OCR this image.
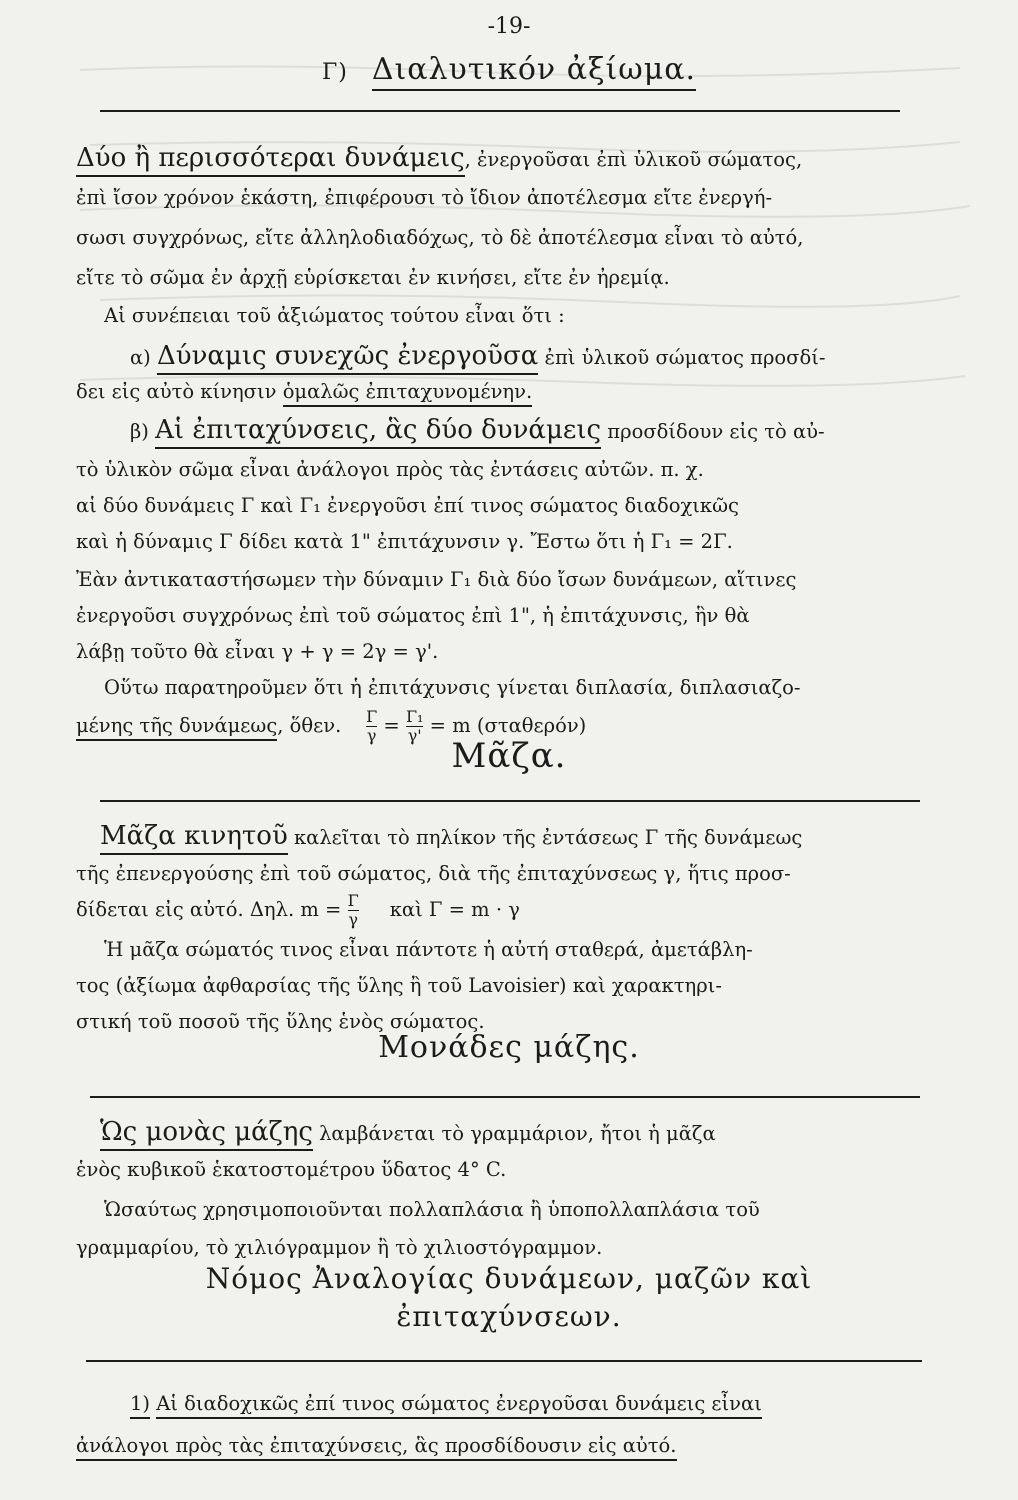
-19-
Γ) Διαλυτικόν ἀξίωμα.
Δύο ἢ περισσότεραι δυνάμεις, ἐνεργοῦσαι ἐπὶ ὑλικοῦ σώματος,
ἐπὶ ἴσον χρόνον ἑκάστη, ἐπιφέρουσι τὸ ἴδιον ἀποτέλεσμα εἴτε ἐνεργή-
σωσι συγχρόνως, εἴτε ἀλληλοδιαδόχως, τὸ δὲ ἀποτέλεσμα εἶναι τὸ αὐτό,
εἴτε τὸ σῶμα ἐν ἀρχῇ εὑρίσκεται ἐν κινήσει, εἴτε ἐν ἠρεμίᾳ.
Αἱ συνέπειαι τοῦ ἀξιώματος τούτου εἶναι ὅτι :
α) Δύναμις συνεχῶς ἐνεργοῦσα ἐπὶ ὑλικοῦ σώματος προσδί-
δει εἰς αὐτὸ κίνησιν ὁμαλῶς ἐπιταχυνομένην.
β) Αἱ ἐπιταχύνσεις, ἃς δύο δυνάμεις προσδίδουν εἰς τὸ αὐ-
τὸ ὑλικὸν σῶμα εἶναι ἀνάλογοι πρὸς τὰς ἐντάσεις αὐτῶν. π. χ.
αἱ δύο δυνάμεις Γ καὶ Γ₁ ἐνεργοῦσι ἐπί τινος σώματος διαδοχικῶς
καὶ ἡ δύναμις Γ δίδει κατὰ 1" ἐπιτάχυνσιν γ. Ἔστω ὅτι ἡ Γ₁ = 2Γ.
Ἐὰν ἀντικαταστήσωμεν τὴν δύναμιν Γ₁ διὰ δύο ἴσων δυνάμεων, αἵτινες
ἐνεργοῦσι συγχρόνως ἐπὶ τοῦ σώματος ἐπὶ 1", ἡ ἐπιτάχυνσις, ἣν θὰ
λάβῃ τοῦτο θὰ εἶναι γ + γ = 2γ = γ'.
Οὕτω παρατηροῦμεν ὅτι ἡ ἐπιτάχυνσις γίνεται διπλασία, διπλασιαζο-
μένης τῆς δυνάμεως, ὅθεν. $\frac{\Gamma}{\gamma} = \frac{\text{Γ₁}}{\gamma'} = m$ (σταθερόν)
Μᾶζα.
Μᾶζα κινητοῦ καλεῖται τὸ πηλίκον τῆς ἐντάσεως Γ τῆς δυνάμεως
τῆς ἐπενεργούσης ἐπὶ τοῦ σώματος, διὰ τῆς ἐπιταχύνσεως γ, ἥτις προσ-
δίδεται εἰς αὐτό. Δηλ. $m = \frac{\Gamma}{\gamma}$ καὶ Γ = m · γ
Ἡ μᾶζα σώματός τινος εἶναι πάντοτε ἡ αὐτή σταθερά, ἀμετάβλη-
τος (ἀξίωμα ἀφθαρσίας τῆς ὕλης ἢ τοῦ Lavoisier) καὶ χαρακτηρι-
στική τοῦ ποσοῦ τῆς ὕλης ἑνὸς σώματος.
Μονάδες μάζης.
Ὡς μονὰς μάζης λαμβάνεται τὸ γραμμάριον, ἤτοι ἡ μᾶζα
ἑνὸς κυβικοῦ ἑκατοστομέτρου ὕδατος 4° C.
Ὡσαύτως χρησιμοποιοῦνται πολλαπλάσια ἢ ὑποπολλαπλάσια τοῦ
γραμμαρίου, τὸ χιλιόγραμμον ἢ τὸ χιλιοστόγραμμον.
Νόμος Ἀναλογίας δυνάμεων, μαζῶν καὶ
ἐπιταχύνσεων.
1) Αἱ διαδοχικῶς ἐπί τινος σώματος ἐνεργοῦσαι δυνάμεις εἶναι
ἀνάλογοι πρὸς τὰς ἐπιταχύνσεις, ἃς προσδίδουσιν εἰς αὐτό.
